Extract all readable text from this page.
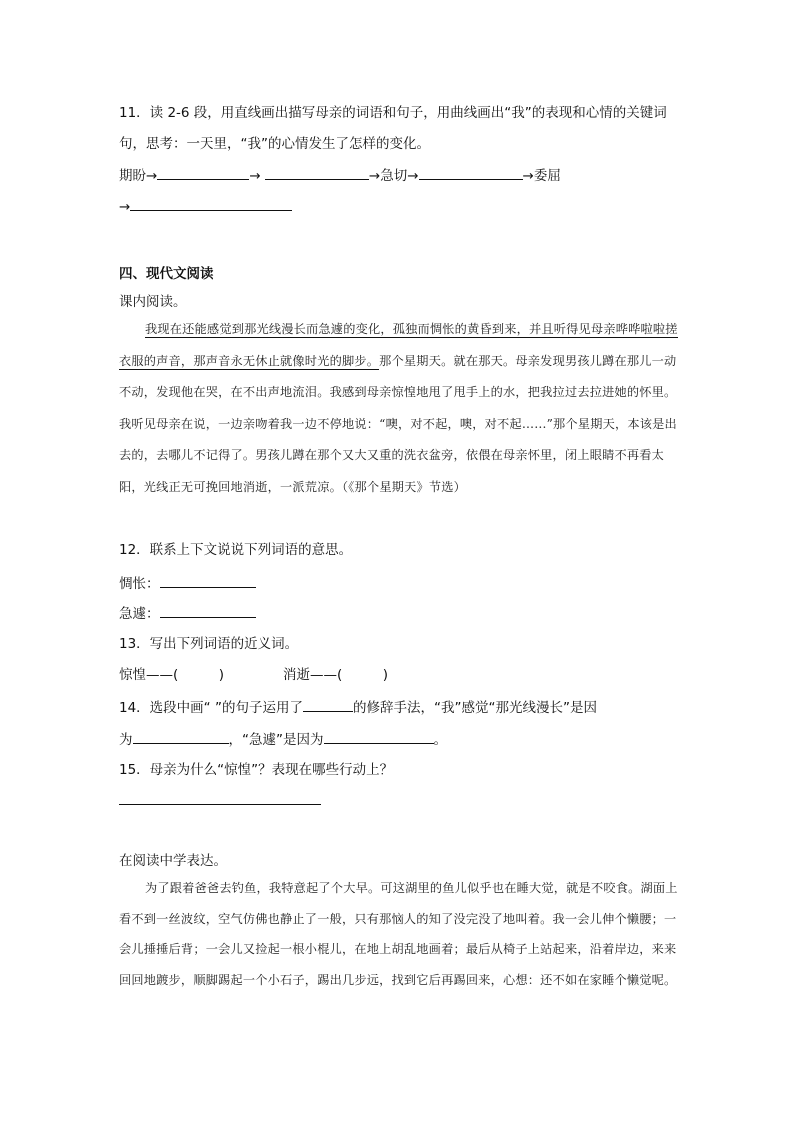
11．读 2-6 段，用直线画出描写母亲的词语和句子，用曲线画出“我”的表现和心情的关键词
句，思考：一天里，“我”的心情发生了怎样的变化。
期盼→	→	→急切→	→委屈
→
四、现代文阅读
课内阅读。
我现在还能感觉到那光线漫长而急遽的变化，孤独而惆怅的黄昏到来，并且听得见母亲哗哗啦啦搓衣服的声音，那声音永无休止就像时光的脚步。那个星期天。就在那天。母亲发现男孩儿蹲在那儿一动不动，发现他在哭，在不出声地流泪。我感到母亲惊惶地甩了甩手上的水，把我拉过去拉进她的怀里。我听见母亲在说，一边亲吻着我一边不停地说：“噢，对不起，噢，对不起……”那个星期天，本该是出去的，去哪儿不记得了。男孩儿蹲在那个又大又重的洗衣盆旁，依偎在母亲怀里，闭上眼睛不再看太阳，光线正无可挽回地消逝，一派荒凉。（《那个星期天》节选）
12．联系上下文说说下列词语的意思。
惆怅：
急遽：
13．写出下列词语的近义词。
惊惶——(　　　)	消逝——(　　　)
14．选段中画“ ”的句子运用了	的修辞手法，“我”感觉“那光线漫长”是因
为	，“急遽”是因为	。
15．母亲为什么“惊惶”？表现在哪些行动上？
在阅读中学表达。
为了跟着爸爸去钓鱼，我特意起了个大早。可这湖里的鱼儿似乎也在睡大觉，就是不咬食。湖面上看不到一丝波纹，空气仿佛也静止了一般，只有那恼人的知了没完没了地叫着。我一会儿伸个懒腰；一会儿捶捶后背；一会儿又捡起一根小棍儿，在地上胡乱地画着；最后从椅子上站起来，沿着岸边，来来回回地踱步，顺脚踢起一个小石子，踢出几步远，找到它后再踢回来，心想：还不如在家睡个懒觉呢。
